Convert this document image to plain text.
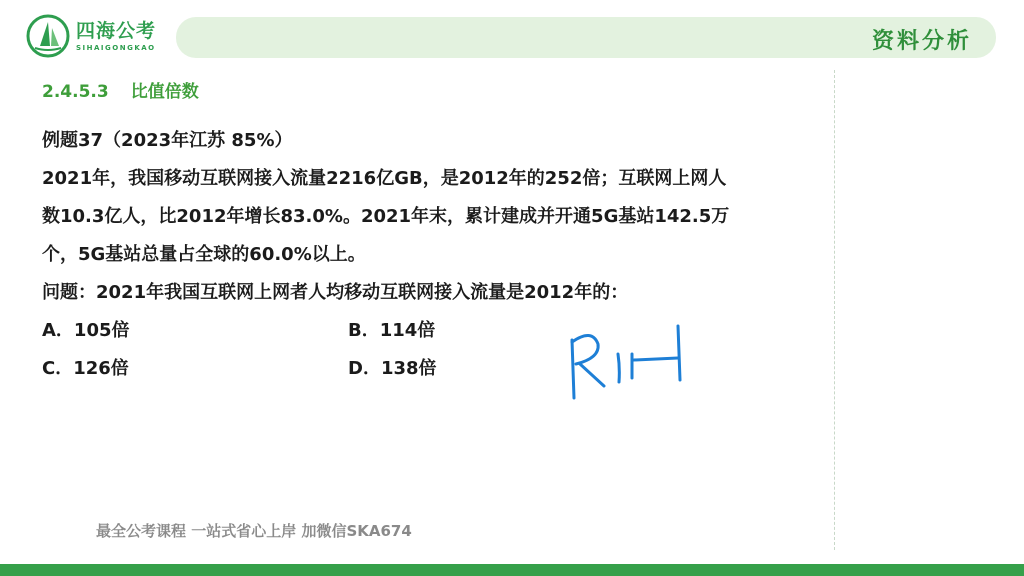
四海公考
SIHAIGONGKAO	资料分析
2.4.5.3 比值倍数

例题37（2023年江苏 85%）

2021年，我国移动互联网接入流量2216亿GB，是2012年的252倍；互联网上网人

数10.3亿人，比2012年增长83.0%。2021年末，累计建成并开通5G基站142.5万

个，5G基站总量占全球的60.0%以上。

问题：2021年我国互联网上网者人均移动互联网接入流量是2012年的：

A．105倍	B．114倍
C．126倍	D．138倍
最全公考课程 一站式省心上岸 加微信SKA674
